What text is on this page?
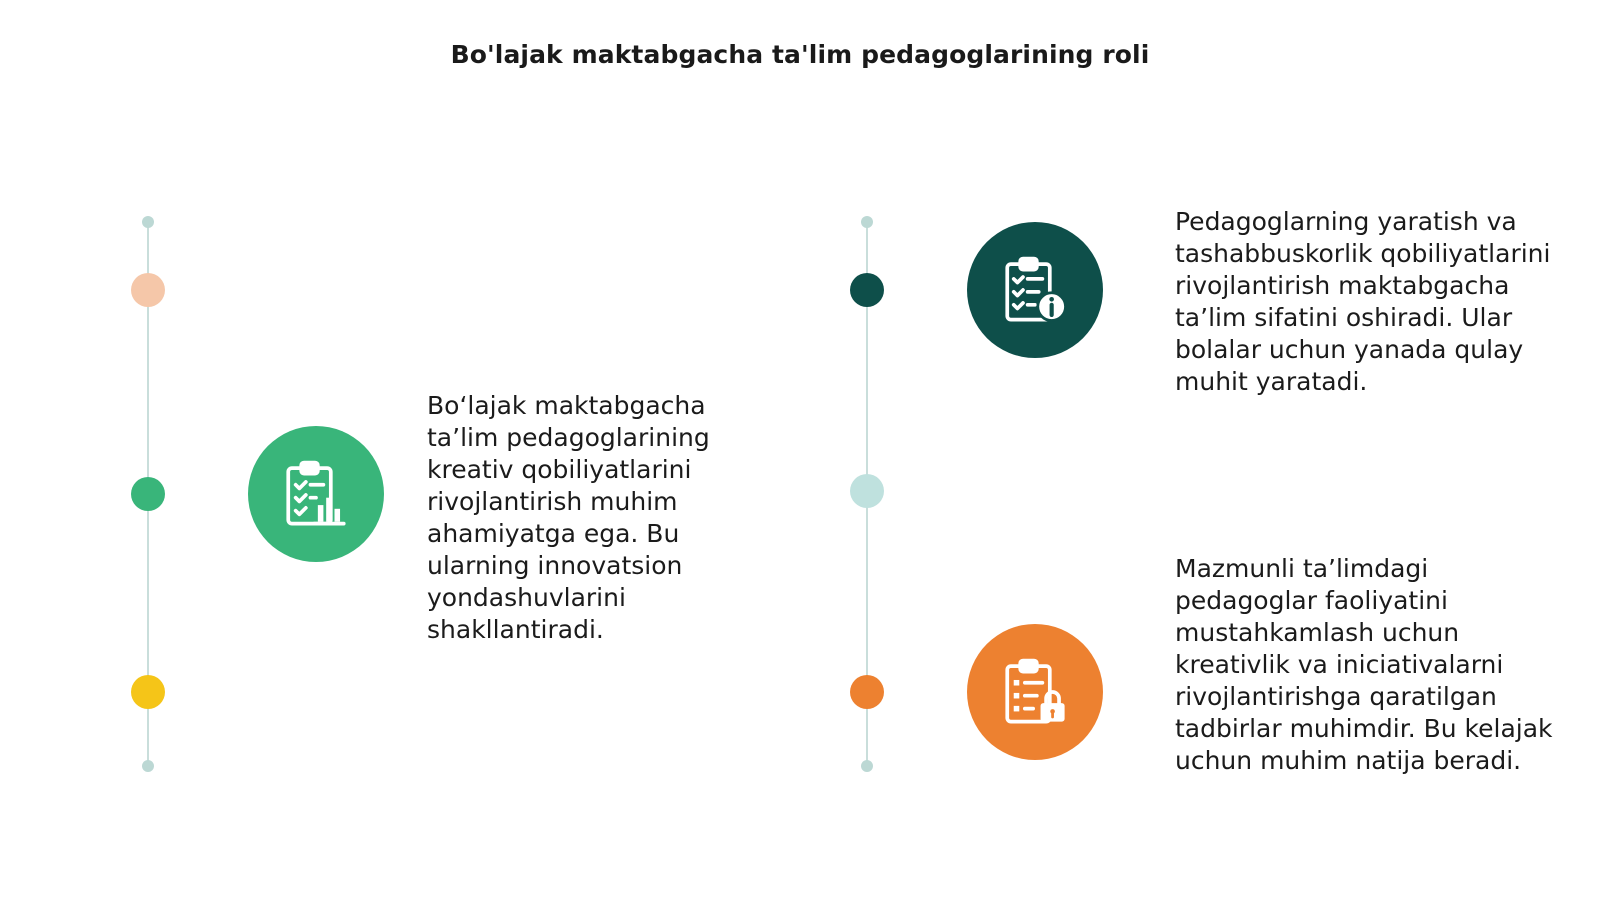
Bo'lajak maktabgacha ta'lim pedagoglarining roli
Bo‘lajak maktabgacha ta’lim pedagoglarining kreativ qobiliyatlarini rivojlantirish muhim ahamiyatga ega. Bu ularning innovatsion yondashuvlarini shakllantiradi.
Pedagoglarning yaratish va tashabbuskorlik qobiliyatlarini rivojlantirish maktabgacha ta’lim sifatini oshiradi. Ular bolalar uchun yanada qulay muhit yaratadi.
Mazmunli ta’limdagi pedagoglar faoliyatini mustahkamlash uchun kreativlik va iniciativalarni rivojlantirishga qaratilgan tadbirlar muhimdir. Bu kelajak uchun muhim natija beradi.
